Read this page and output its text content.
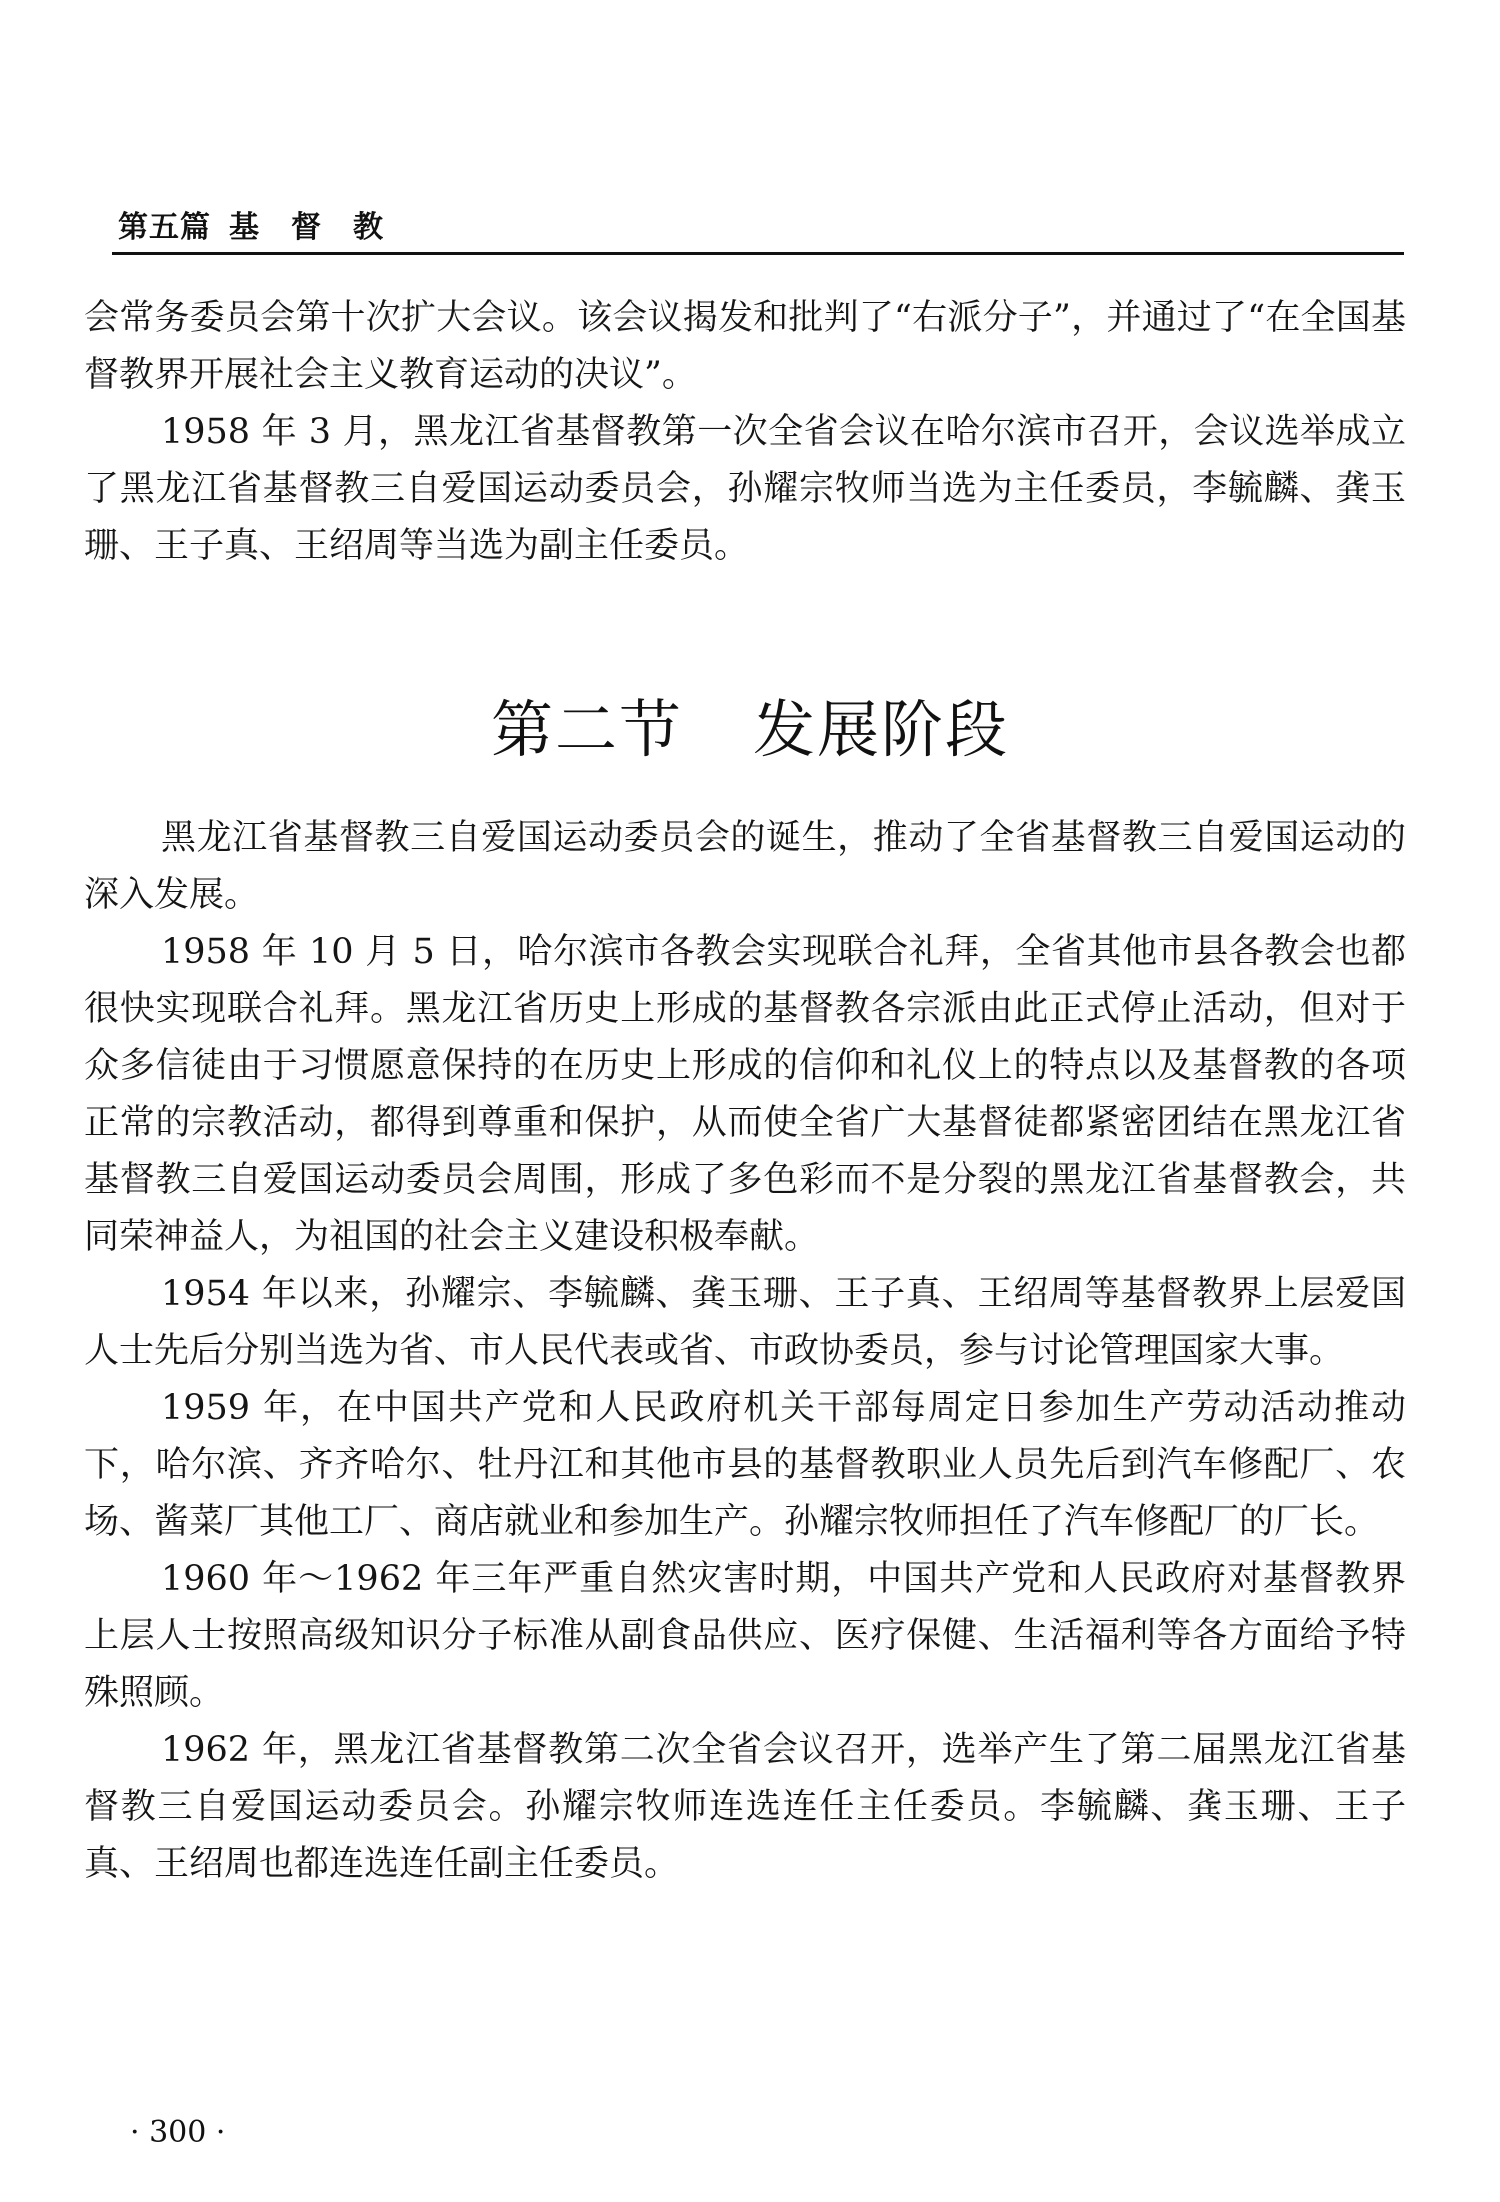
第五篇 基　督　教

会常务委员会第十次扩大会议。该会议揭发和批判了“右派分子”，并通过了“在全国基督教界开展社会主义教育运动的决议”。

1958 年 3 月，黑龙江省基督教第一次全省会议在哈尔滨市召开，会议选举成立了黑龙江省基督教三自爱国运动委员会，孙耀宗牧师当选为主任委员，李毓麟、龚玉珊、王子真、王绍周等当选为副主任委员。

第二节 发展阶段

黑龙江省基督教三自爱国运动委员会的诞生，推动了全省基督教三自爱国运动的深入发展。

1958 年 10 月 5 日，哈尔滨市各教会实现联合礼拜，全省其他市县各教会也都很快实现联合礼拜。黑龙江省历史上形成的基督教各宗派由此正式停止活动，但对于众多信徒由于习惯愿意保持的在历史上形成的信仰和礼仪上的特点以及基督教的各项正常的宗教活动，都得到尊重和保护，从而使全省广大基督徒都紧密团结在黑龙江省基督教三自爱国运动委员会周围，形成了多色彩而不是分裂的黑龙江省基督教会，共同荣神益人，为祖国的社会主义建设积极奉献。

1954 年以来，孙耀宗、李毓麟、龚玉珊、王子真、王绍周等基督教界上层爱国人士先后分别当选为省、市人民代表或省、市政协委员，参与讨论管理国家大事。

1959 年，在中国共产党和人民政府机关干部每周定日参加生产劳动活动推动下，哈尔滨、齐齐哈尔、牡丹江和其他市县的基督教职业人员先后到汽车修配厂、农场、酱菜厂其他工厂、商店就业和参加生产。孙耀宗牧师担任了汽车修配厂的厂长。

1960 年～1962 年三年严重自然灾害时期，中国共产党和人民政府对基督教界上层人士按照高级知识分子标准从副食品供应、医疗保健、生活福利等各方面给予特殊照顾。

1962 年，黑龙江省基督教第二次全省会议召开，选举产生了第二届黑龙江省基督教三自爱国运动委员会。孙耀宗牧师连选连任主任委员。李毓麟、龚玉珊、王子真、王绍周也都连选连任副主任委员。

· 300 ·
